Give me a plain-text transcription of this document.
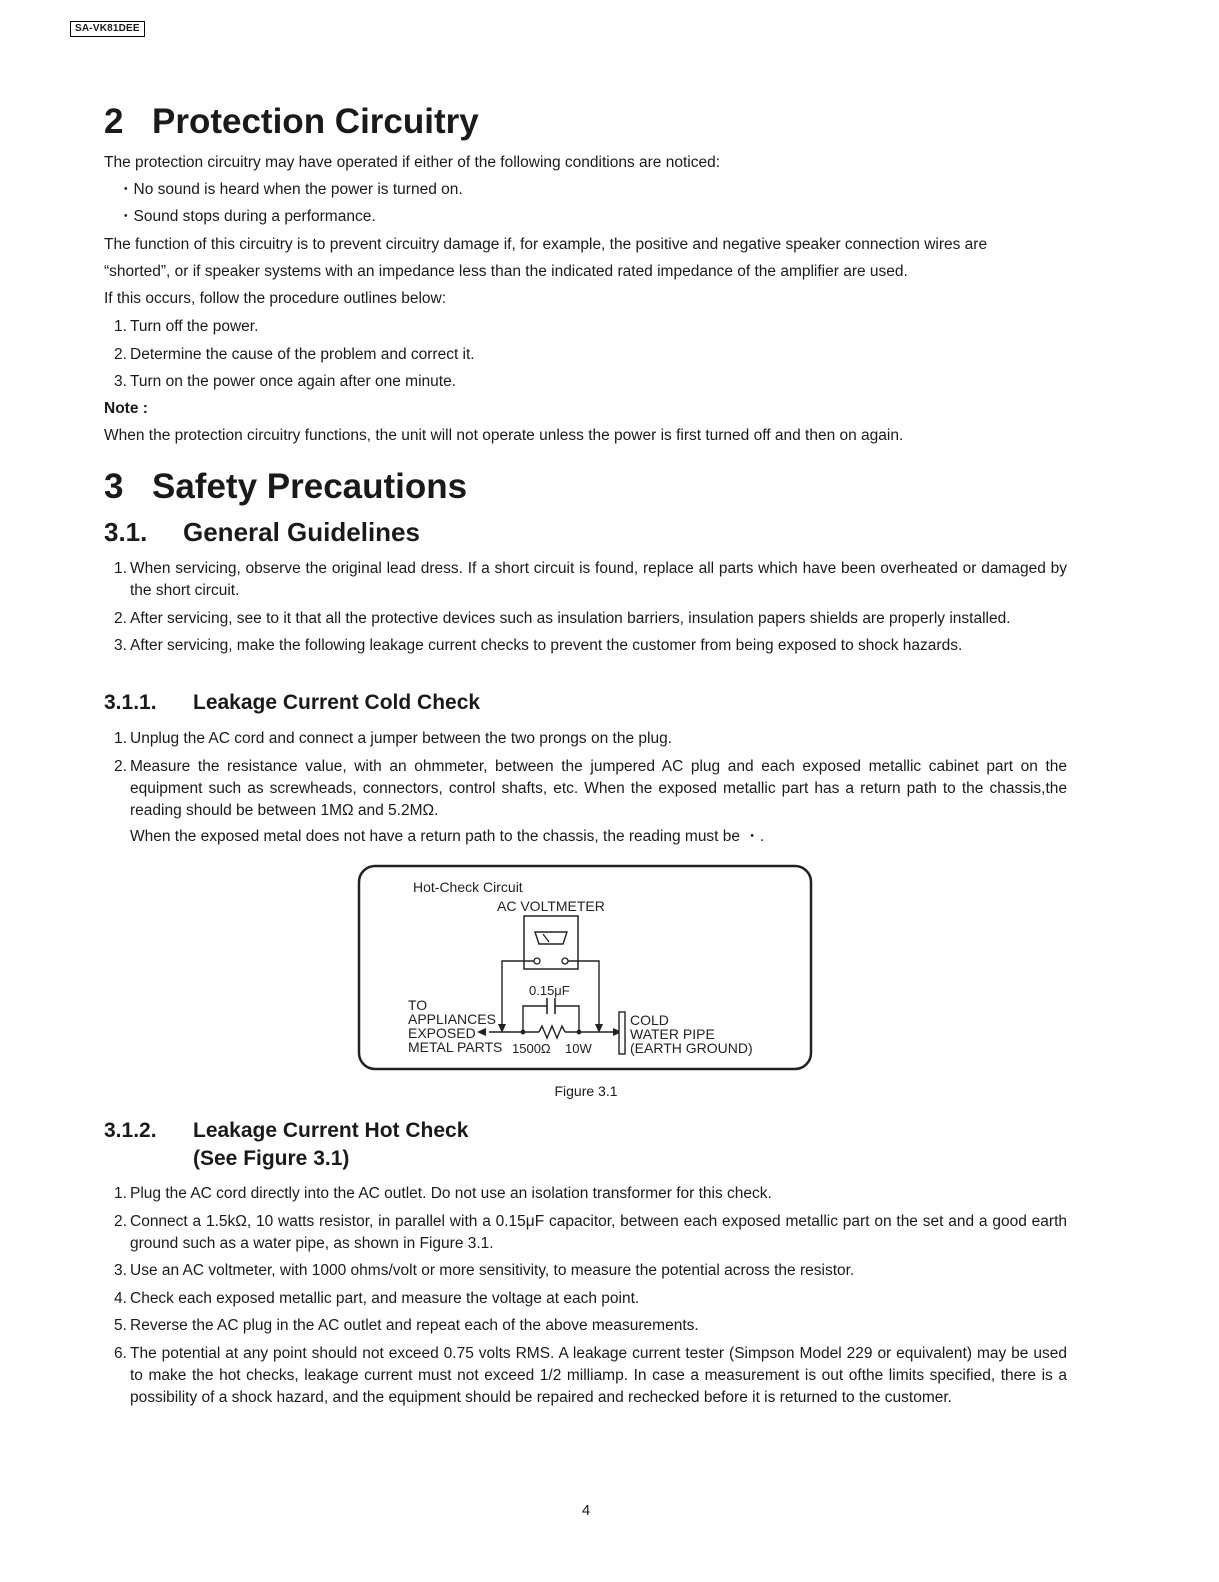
SA-VK81DEE
2 Protection Circuitry

The protection circuitry may have operated if either of the following conditions are noticed:

・No sound is heard when the power is turned on.

・Sound stops during a performance.

The function of this circuitry is to prevent circuitry damage if, for example, the positive and negative speaker connection wires are

“shorted”, or if speaker systems with an impedance less than the indicated rated impedance of the amplifier are used.

If this occurs, follow the procedure outlines below:

1. Turn off the power.
2. Determine the cause of the problem and correct it.
3. Turn on the power once again after one minute.

Note :

When the protection circuitry functions, the unit will not operate unless the power is first turned off and then on again.

3 Safety Precautions
3.1. General Guidelines
1. When servicing, observe the original lead dress. If a short circuit is found, replace all parts which have been overheated or damaged by the short circuit.
2. After servicing, see to it that all the protective devices such as insulation barriers, insulation papers shields are properly installed.
3. After servicing, make the following leakage current checks to prevent the customer from being exposed to shock hazards.
3.1.1. Leakage Current Cold Check
1. Unplug the AC cord and connect a jumper between the two prongs on the plug.
2. Measure the resistance value, with an ohmmeter, between the jumpered AC plug and each exposed metallic cabinet part on the equipment such as screwheads, connectors, control shafts, etc. When the exposed metallic part has a return path to the chassis,the reading should be between 1MΩ and 5.2MΩ.
When the exposed metal does not have a return path to the chassis, the reading must be ・.
3.1.2. Leakage Current Hot Check
(See Figure 3.1)
1. Plug the AC cord directly into the AC outlet. Do not use an isolation transformer for this check.
2. Connect a 1.5kΩ, 10 watts resistor, in parallel with a 0.15μF capacitor, between each exposed metallic part on the set and a good earth ground such as a water pipe, as shown in Figure 3.1.
3. Use an AC voltmeter, with 1000 ohms/volt or more sensitivity, to measure the potential across the resistor.
4. Check each exposed metallic part, and measure the voltage at each point.
5. Reverse the AC plug in the AC outlet and repeat each of the above measurements.
6. The potential at any point should not exceed 0.75 volts RMS. A leakage current tester (Simpson Model 229 or equivalent) may be used to make the hot checks, leakage current must not exceed 1/2 milliamp. In case a measurement is out ofthe limits specified, there is a possibility of a shock hazard, and the equipment should be repaired and rechecked before it is returned to the customer.
Hot-Check Circuit
AC VOLTMETER
0.15μF
TO
APPLIANCES
EXPOSED
METAL PARTS 1500Ω 10W
COLD
WATER PIPE
(EARTH GROUND)
Figure 3.1
4
